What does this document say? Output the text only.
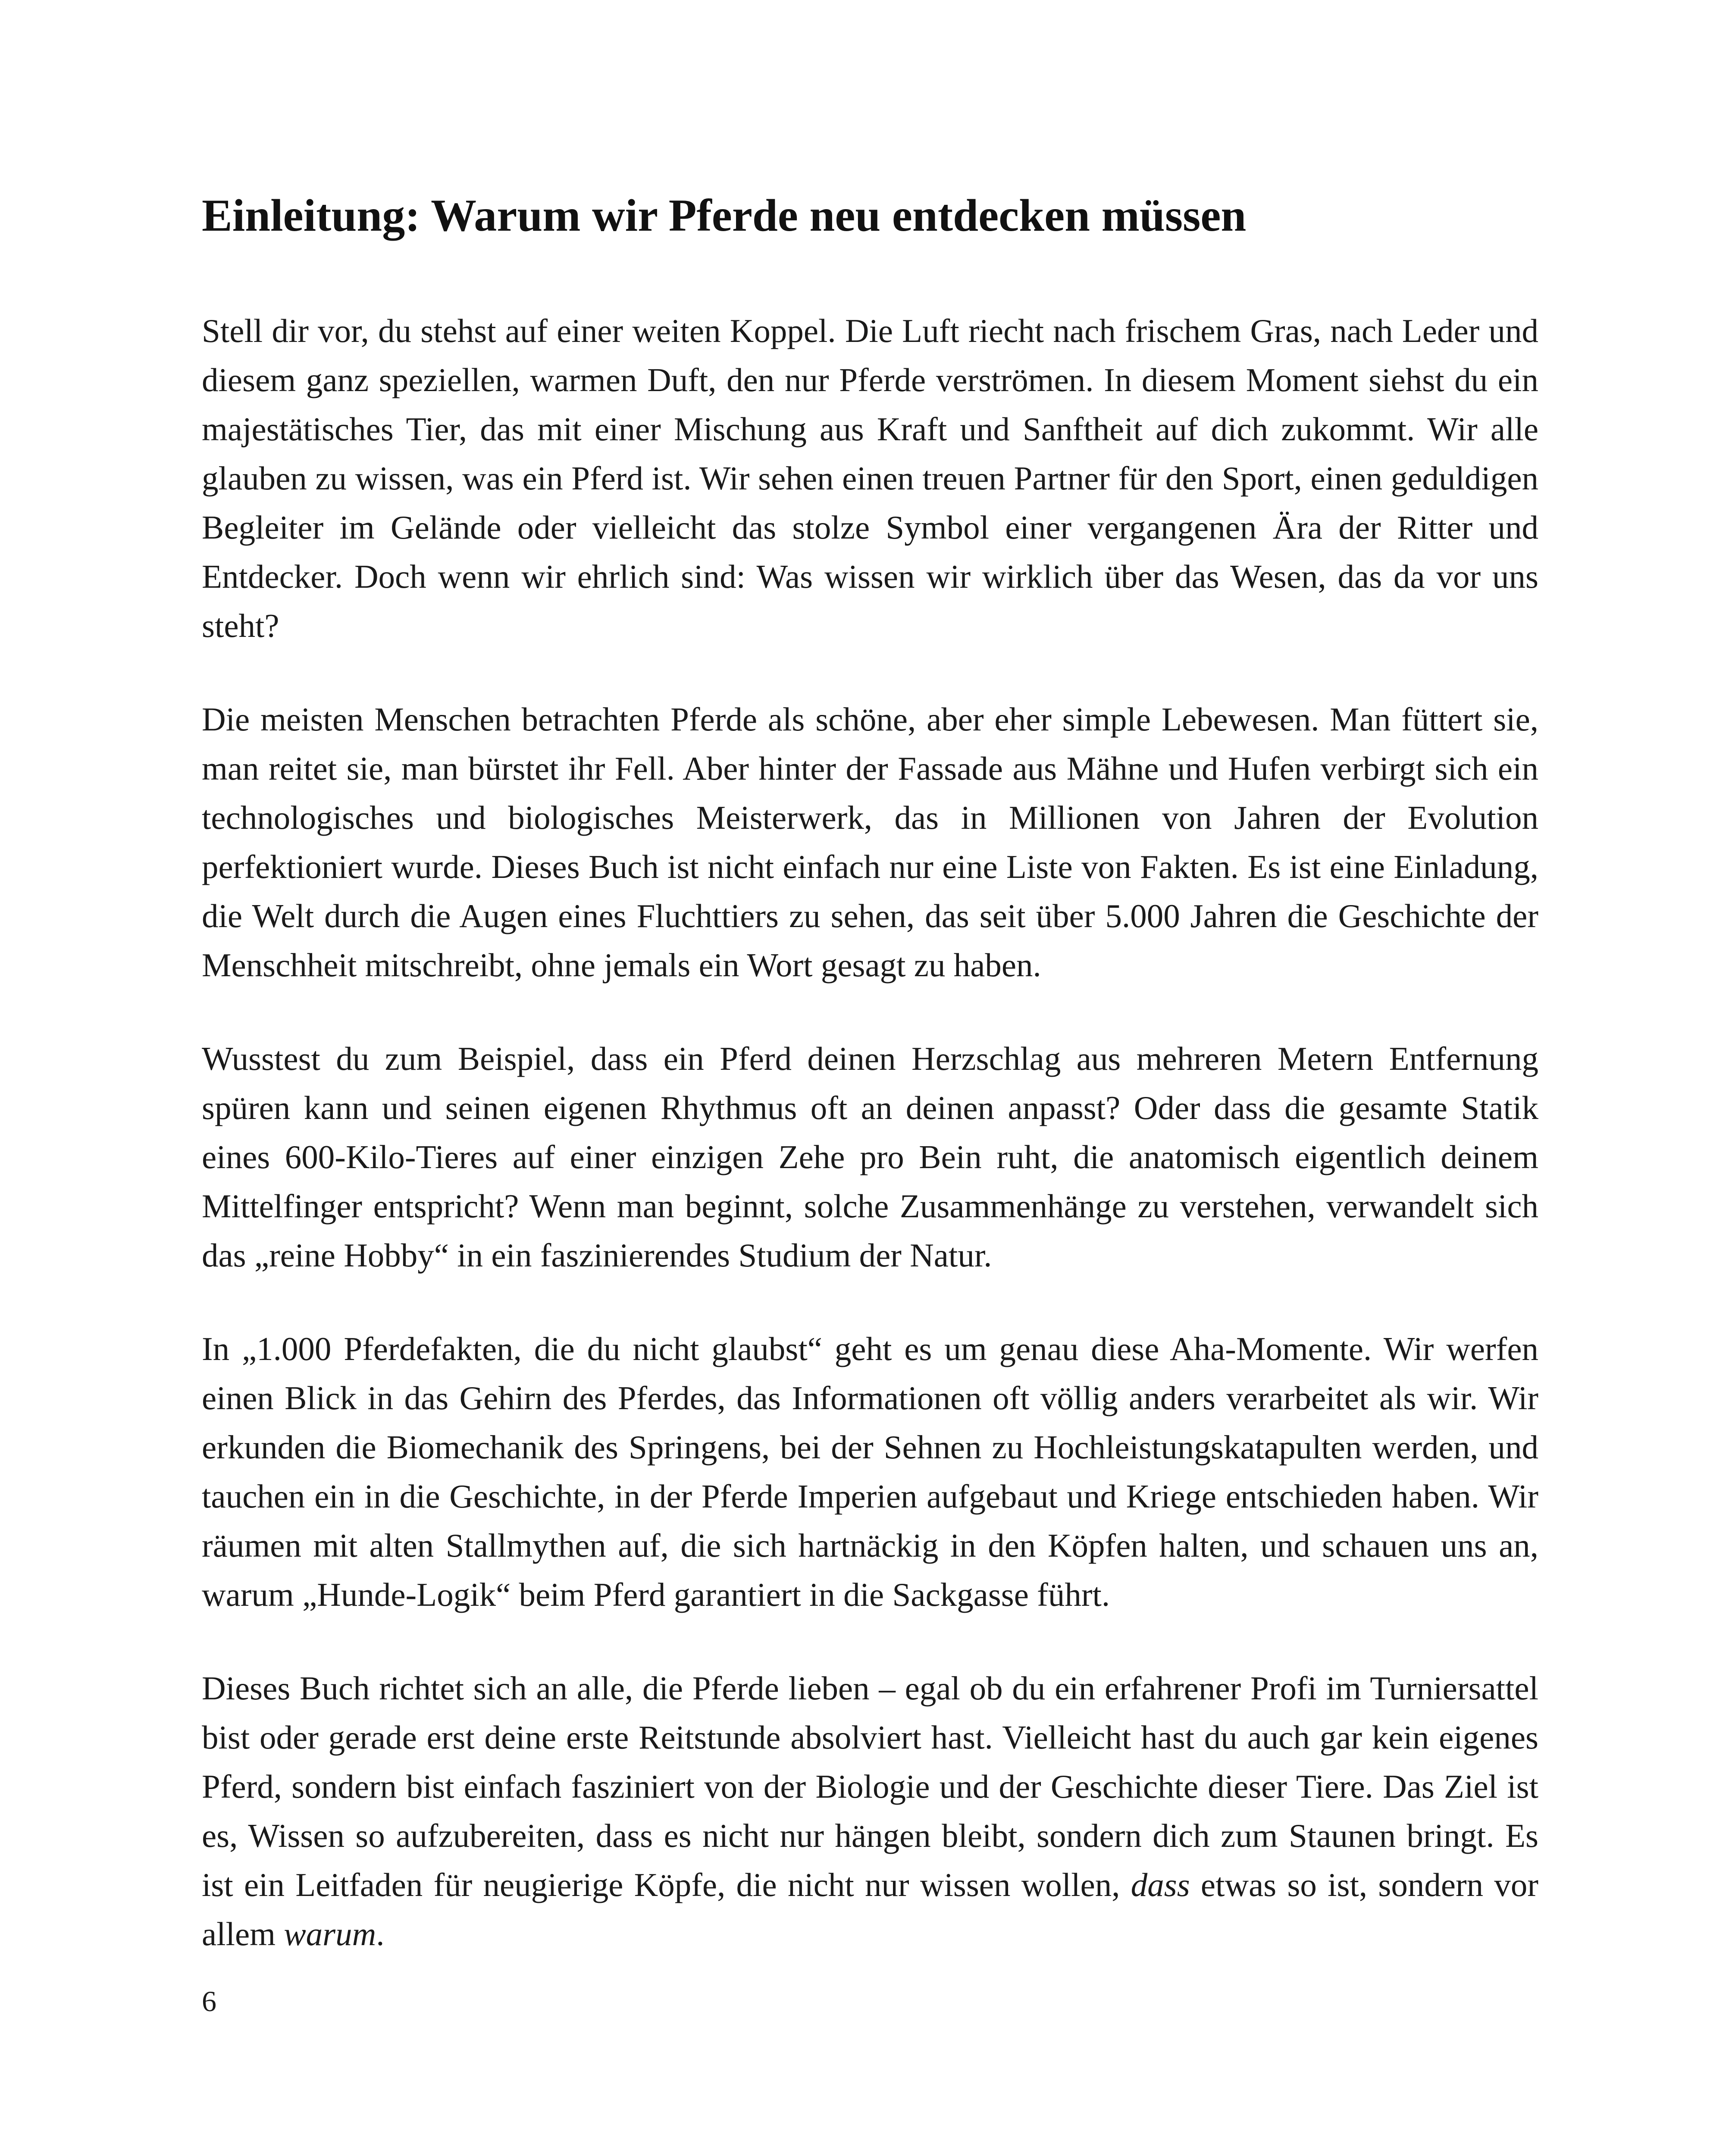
Einleitung: Warum wir Pferde neu entdecken müssen

Stell dir vor, du stehst auf einer weiten Koppel. Die Luft riecht nach frischem Gras, nach Leder und diesem ganz speziellen, warmen Duft, den nur Pferde verströmen. In diesem Moment siehst du ein majestätisches Tier, das mit einer Mischung aus Kraft und Sanftheit auf dich zukommt. Wir alle glauben zu wissen, was ein Pferd ist. Wir sehen einen treuen Partner für den Sport, einen geduldigen Begleiter im Gelände oder vielleicht das stolze Symbol einer vergangenen Ära der Ritter und Entdecker. Doch wenn wir ehrlich sind: Was wissen wir wirklich über das Wesen, das da vor uns steht?

Die meisten Menschen betrachten Pferde als schöne, aber eher simple Lebewesen. Man füttert sie, man reitet sie, man bürstet ihr Fell. Aber hinter der Fassade aus Mähne und Hufen verbirgt sich ein technologisches und biologisches Meisterwerk, das in Millionen von Jahren der Evolution perfektioniert wurde. Dieses Buch ist nicht einfach nur eine Liste von Fakten. Es ist eine Einladung, die Welt durch die Augen eines Fluchttiers zu sehen, das seit über 5.000 Jahren die Geschichte der Menschheit mitschreibt, ohne jemals ein Wort gesagt zu haben.

Wusstest du zum Beispiel, dass ein Pferd deinen Herzschlag aus mehreren Metern Entfernung spüren kann und seinen eigenen Rhythmus oft an deinen anpasst? Oder dass die gesamte Statik eines 600-Kilo-Tieres auf einer einzigen Zehe pro Bein ruht, die anatomisch eigentlich deinem Mittelfinger entspricht? Wenn man beginnt, solche Zusammenhänge zu verstehen, verwandelt sich das „reine Hobby“ in ein faszinierendes Studium der Natur.

In „1.000 Pferdefakten, die du nicht glaubst“ geht es um genau diese Aha-Momente. Wir werfen einen Blick in das Gehirn des Pferdes, das Informationen oft völlig anders verarbeitet als wir. Wir erkunden die Biomechanik des Springens, bei der Sehnen zu Hochleistungskatapulten werden, und tauchen ein in die Geschichte, in der Pferde Imperien aufgebaut und Kriege entschieden haben. Wir räumen mit alten Stallmythen auf, die sich hartnäckig in den Köpfen halten, und schauen uns an, warum „Hunde-Logik“ beim Pferd garantiert in die Sackgasse führt.

Dieses Buch richtet sich an alle, die Pferde lieben – egal ob du ein erfahrener Profi im Turniersattel bist oder gerade erst deine erste Reitstunde absolviert hast. Vielleicht hast du auch gar kein eigenes Pferd, sondern bist einfach fasziniert von der Biologie und der Geschichte dieser Tiere. Das Ziel ist es, Wissen so aufzubereiten, dass es nicht nur hängen bleibt, sondern dich zum Staunen bringt. Es ist ein Leitfaden für neugierige Köpfe, die nicht nur wissen wollen, dass etwas so ist, sondern vor allem warum.

6
